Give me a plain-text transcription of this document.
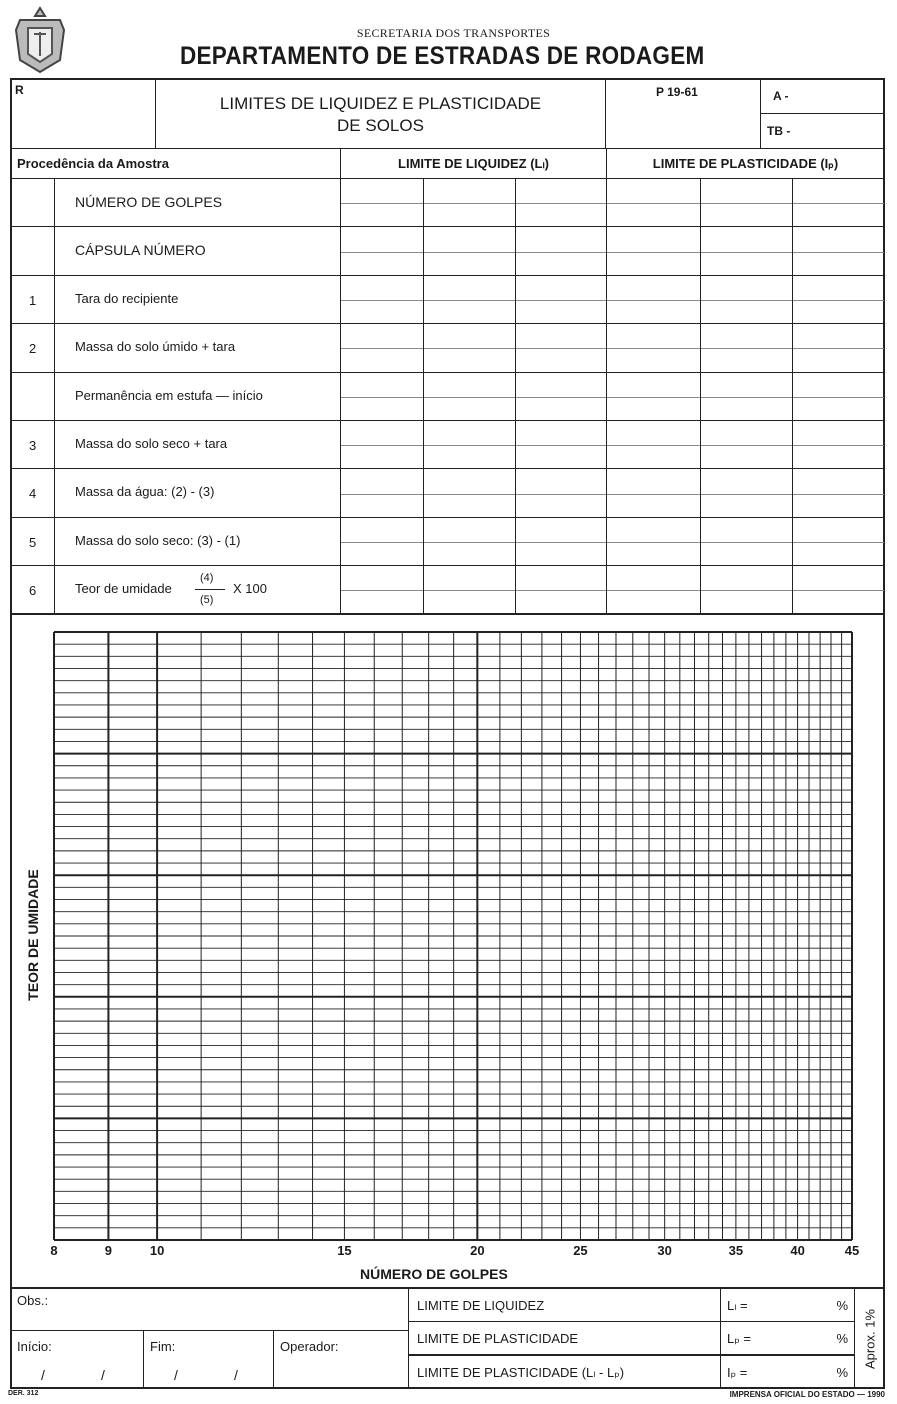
SECRETARIA DOS TRANSPORTES
DEPARTAMENTO DE ESTRADAS DE RODAGEM
R
LIMITES DE LIQUIDEZ E PLASTICIDADE
DE SOLOS
P 19-61	A -
TB -
Procedência da Amostra	LIMITE DE LIQUIDEZ (Lₗ)	LIMITE DE PLASTICIDADE (Iₚ)
NÚMERO DE GOLPES
CÁPSULA NÚMERO
1	Tara do recipiente
2	Massa do solo úmido + tara
Permanência em estufa — início
3	Massa do solo seco + tara
4	Massa da água: (2) - (3)
5	Massa do solo seco: (3) - (1)
6	Teor de umidade
(4)
(5)
X 100
TEOR DE UMIDADE
8	9	10	15	20	25	30	35	40	45
NÚMERO DE GOLPES
Obs.:
Início:
/	/
Fim:
/	/
Operador:
LIMITE DE LIQUIDEZ	Lₗ =	%
LIMITE DE PLASTICIDADE	Lₚ =	%
LIMITE DE PLASTICIDADE (Lₗ - Lₚ)	Iₚ =	%
Aprox. 1%
DER. 312	IMPRENSA OFICIAL DO ESTADO — 1990
